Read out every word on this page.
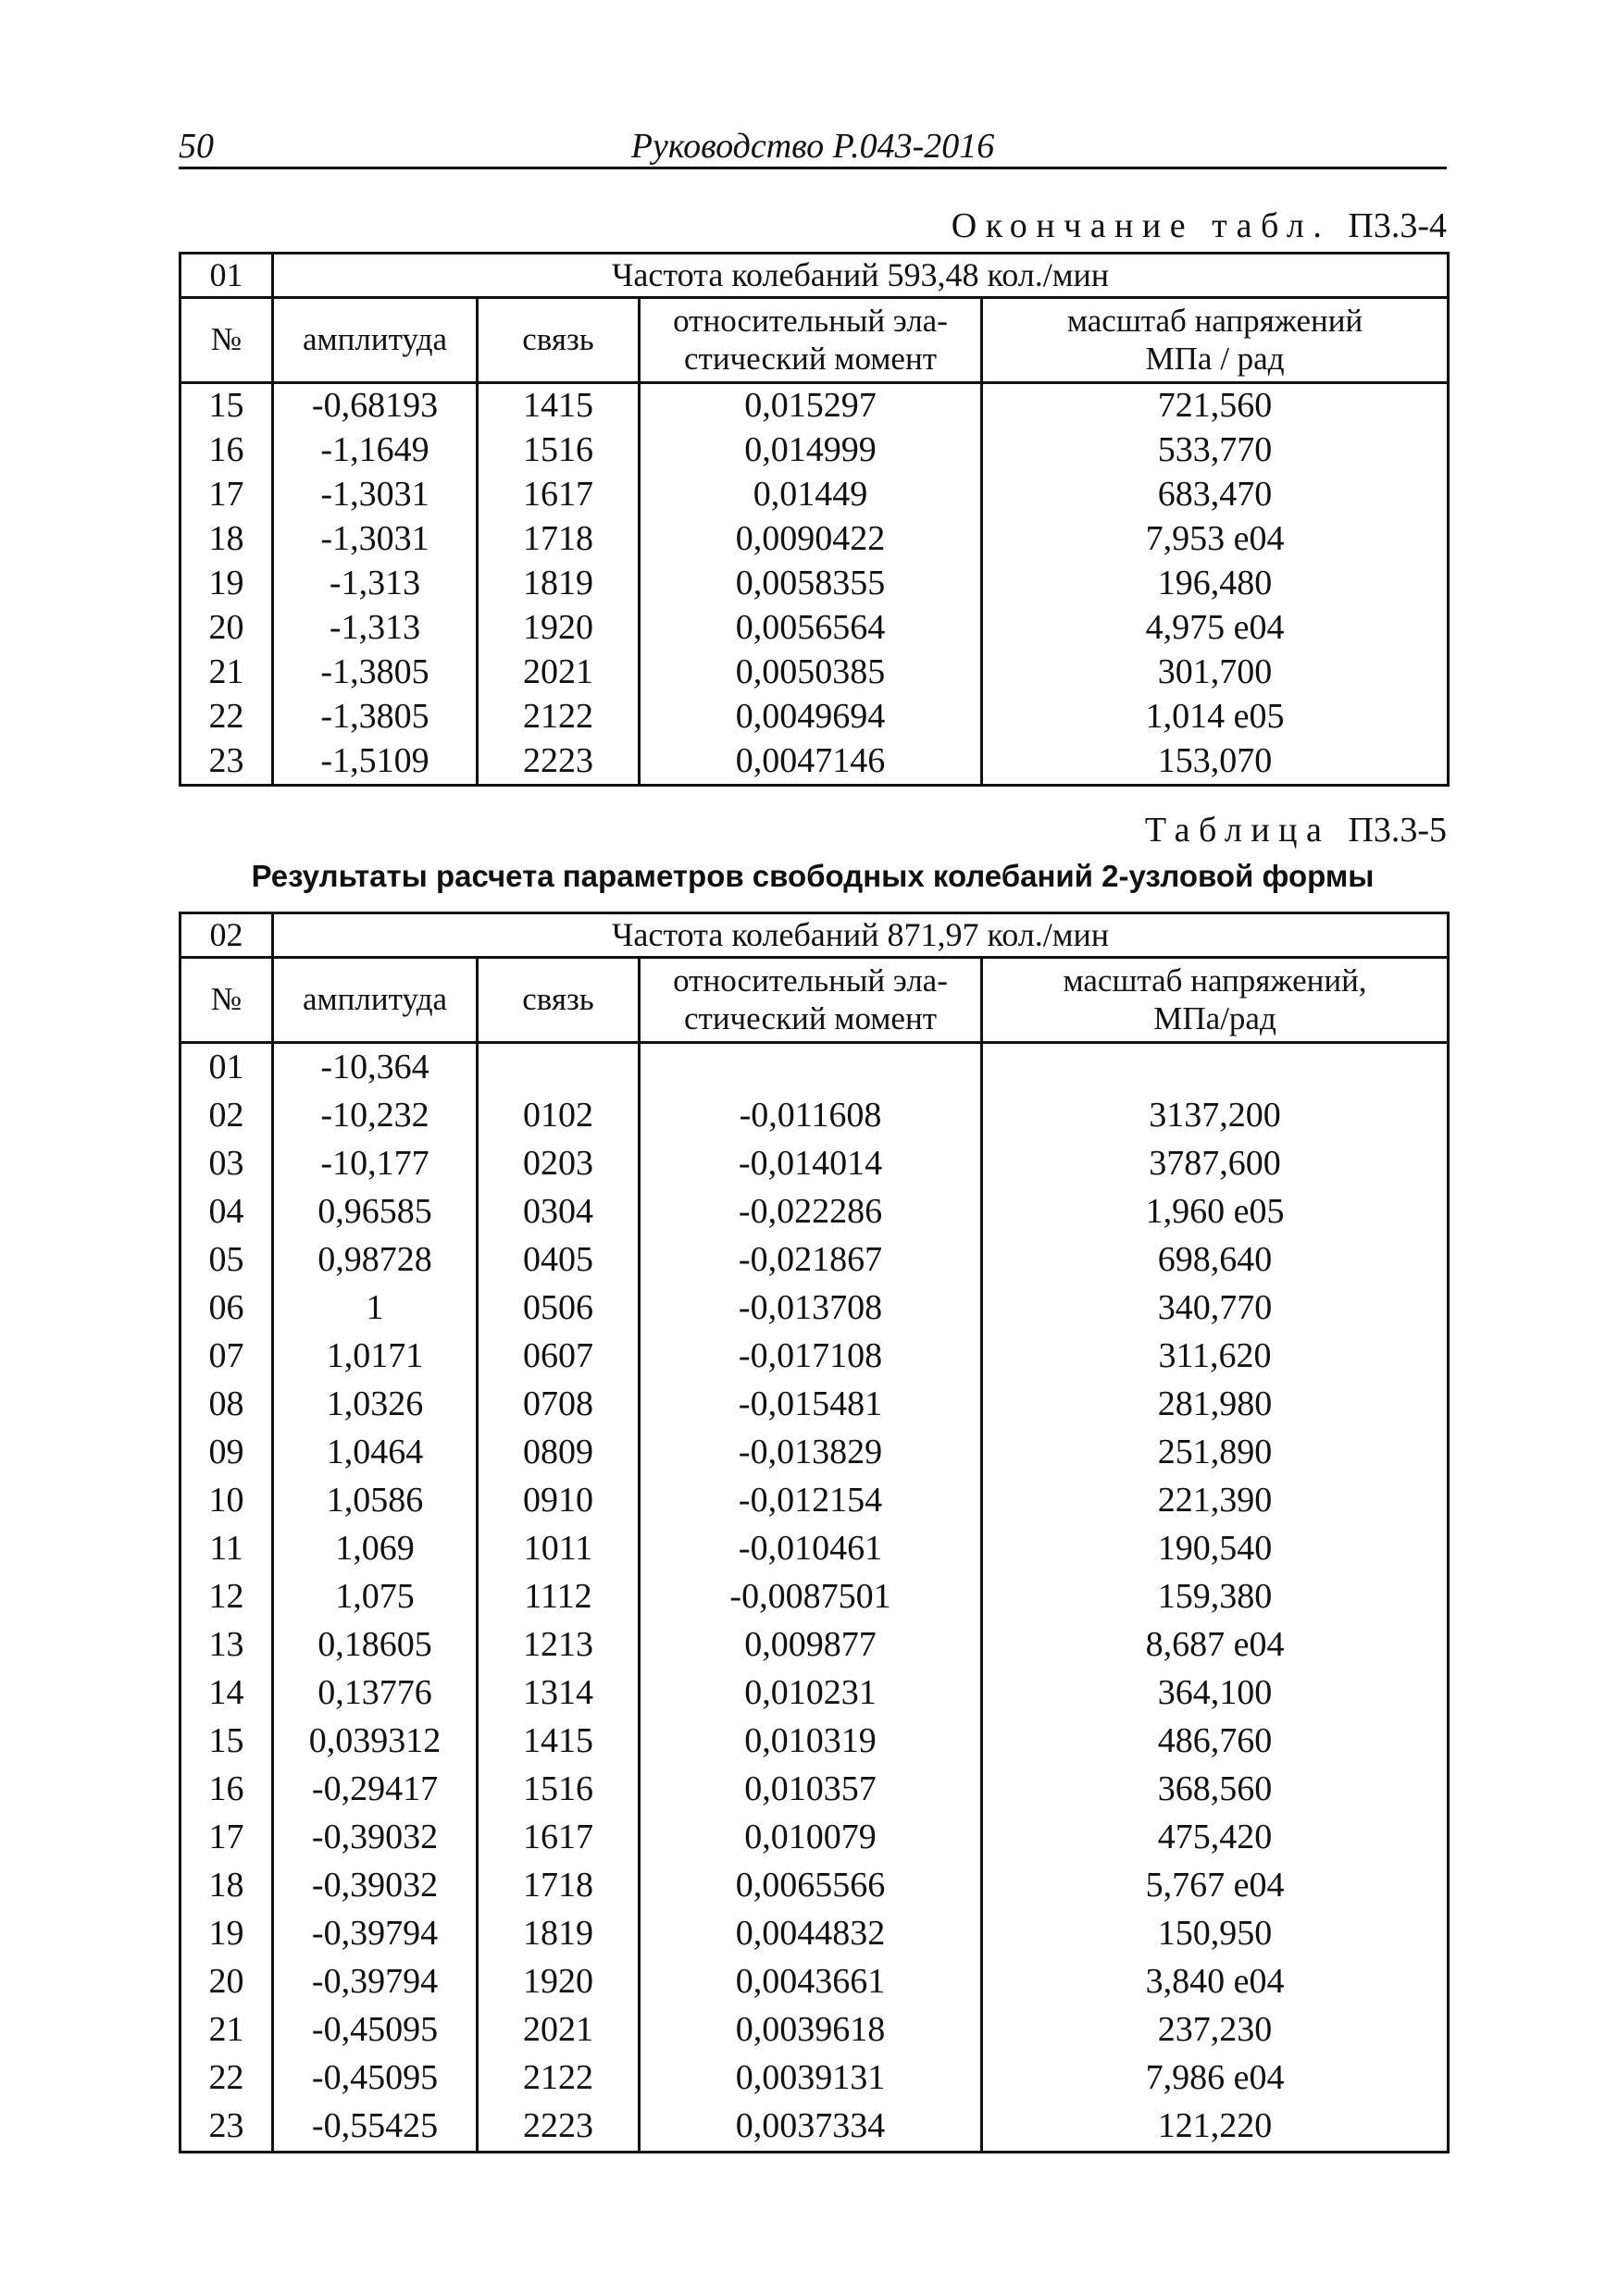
50	Руководство Р.043-2016
Окончание табл. П3.3-4
01	Частота колебаний 593,48 кол./мин			
№	амплитуда	связь	относительный эла-
стический момент	масштаб напряжений
МПа / рад
15	-0,68193	1415	0,015297	721,560
16	-1,1649	1516	0,014999	533,770
17	-1,3031	1617	0,01449	683,470
18	-1,3031	1718	0,0090422	7,953 e04
19	-1,313	1819	0,0058355	196,480
20	-1,313	1920	0,0056564	4,975 e04
21	-1,3805	2021	0,0050385	301,700
22	-1,3805	2122	0,0049694	1,014 e05
23	-1,5109	2223	0,0047146	153,070
Таблица П3.3-5
Результаты расчета параметров свободных колебаний 2-узловой формы
02	Частота колебаний 871,97 кол./мин			
№	амплитуда	связь	относительный эла-
стический момент	масштаб напряжений,
МПа/рад
01	-10,364			
02	-10,232	0102	-0,011608	3137,200
03	-10,177	0203	-0,014014	3787,600
04	0,96585	0304	-0,022286	1,960 e05
05	0,98728	0405	-0,021867	698,640
06	1	0506	-0,013708	340,770
07	1,0171	0607	-0,017108	311,620
08	1,0326	0708	-0,015481	281,980
09	1,0464	0809	-0,013829	251,890
10	1,0586	0910	-0,012154	221,390
11	1,069	1011	-0,010461	190,540
12	1,075	1112	-0,0087501	159,380
13	0,18605	1213	0,009877	8,687 e04
14	0,13776	1314	0,010231	364,100
15	0,039312	1415	0,010319	486,760
16	-0,29417	1516	0,010357	368,560
17	-0,39032	1617	0,010079	475,420
18	-0,39032	1718	0,0065566	5,767 e04
19	-0,39794	1819	0,0044832	150,950
20	-0,39794	1920	0,0043661	3,840 e04
21	-0,45095	2021	0,0039618	237,230
22	-0,45095	2122	0,0039131	7,986 e04
23	-0,55425	2223	0,0037334	121,220
